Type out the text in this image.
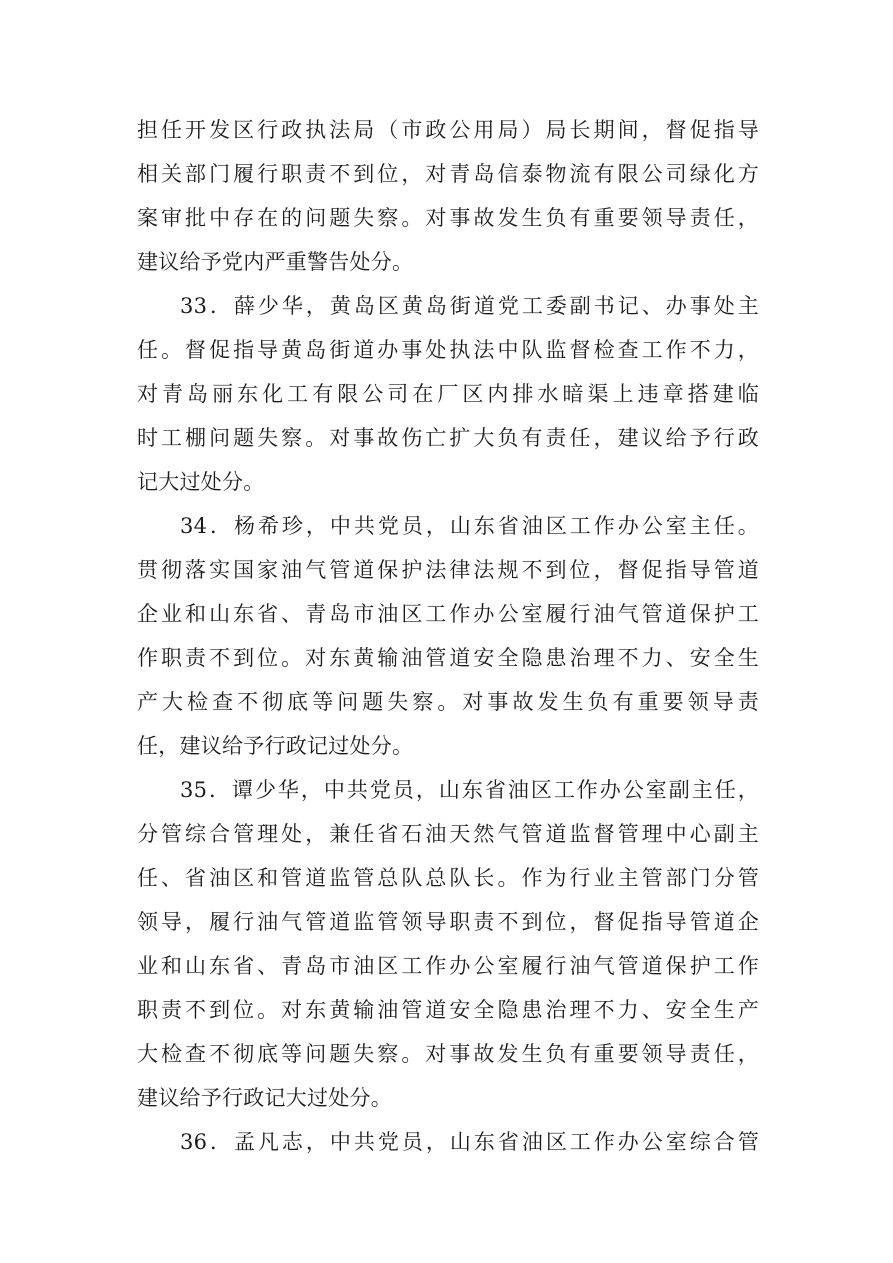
担任开发区行政执法局（市政公用局）局长期间，督促指导
相关部门履行职责不到位，对青岛信泰物流有限公司绿化方
案审批中存在的问题失察。对事故发生负有重要领导责任，
建议给予党内严重警告处分。
33．薛少华，黄岛区黄岛街道党工委副书记、办事处主
任。督促指导黄岛街道办事处执法中队监督检查工作不力，
对青岛丽东化工有限公司在厂区内排水暗渠上违章搭建临
时工棚问题失察。对事故伤亡扩大负有责任，建议给予行政
记大过处分。
34．杨希珍，中共党员，山东省油区工作办公室主任。
贯彻落实国家油气管道保护法律法规不到位，督促指导管道
企业和山东省、青岛市油区工作办公室履行油气管道保护工
作职责不到位。对东黄输油管道安全隐患治理不力、安全生
产大检查不彻底等问题失察。对事故发生负有重要领导责
任，建议给予行政记过处分。
35．谭少华，中共党员，山东省油区工作办公室副主任，
分管综合管理处，兼任省石油天然气管道监督管理中心副主
任、省油区和管道监管总队总队长。作为行业主管部门分管
领导，履行油气管道监管领导职责不到位，督促指导管道企
业和山东省、青岛市油区工作办公室履行油气管道保护工作
职责不到位。对东黄输油管道安全隐患治理不力、安全生产
大检查不彻底等问题失察。对事故发生负有重要领导责任，
建议给予行政记大过处分。
36．孟凡志，中共党员，山东省油区工作办公室综合管
